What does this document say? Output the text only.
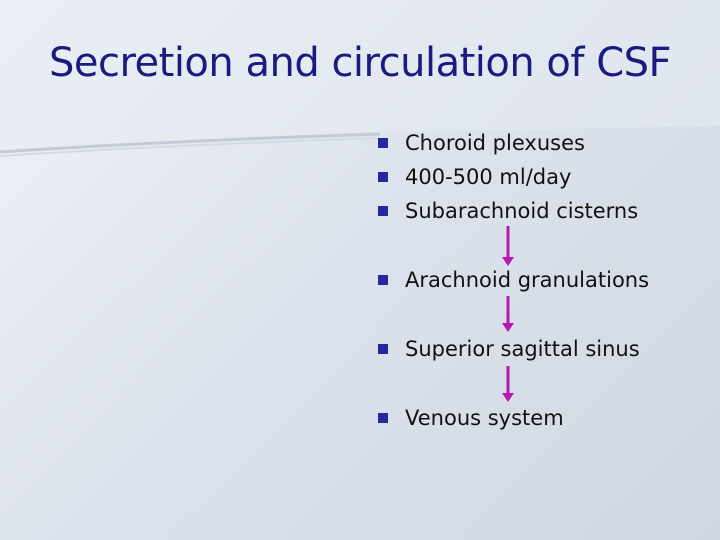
Secretion and circulation of CSF
Choroid plexuses
400-500 ml/day
Subarachnoid cisterns
Arachnoid granulations
Superior sagittal sinus
Venous system
